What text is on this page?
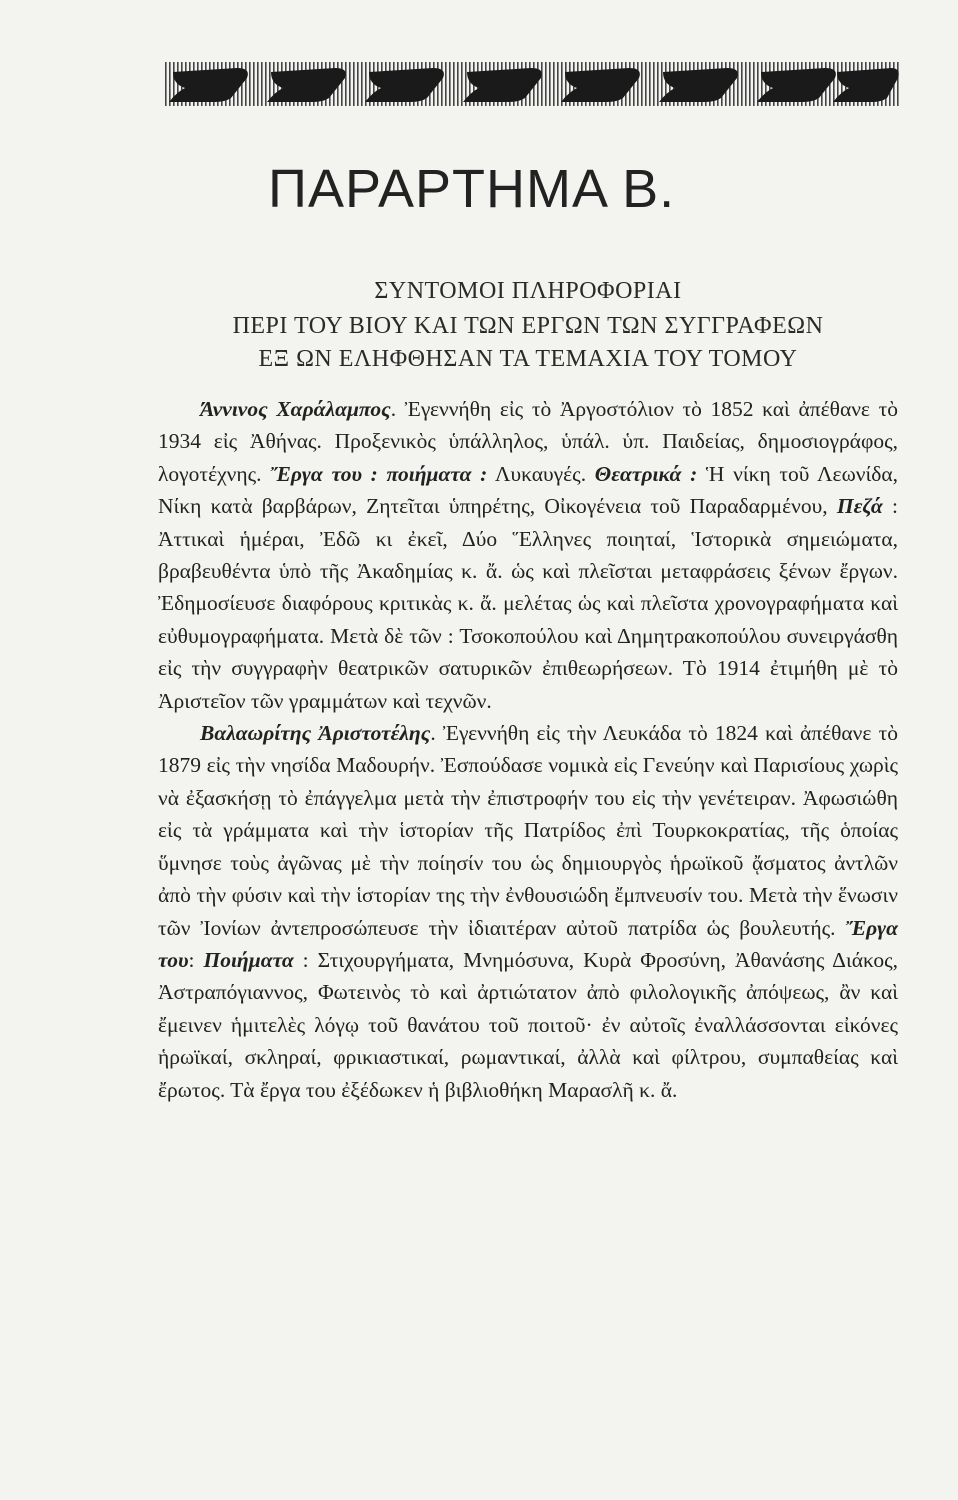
ΠΑΡΑΡΤΗΜΑ Β.
ΣΥΝΤΟΜΟΙ ΠΛΗΡΟΦΟΡΙΑΙ
ΠΕΡΙ ΤΟΥ ΒΙΟΥ ΚΑΙ ΤΩΝ ΕΡΓΩΝ ΤΩΝ ΣΥΓΓΡΑΦΕΩΝ
ΕΞ ΩΝ ΕΛΗΦΘΗΣΑΝ ΤΑ ΤΕΜΑΧΙΑ ΤΟΥ ΤΟΜΟΥ

Άννινος Χαράλαμπος. Ἐγεννήθη εἰς τὸ Ἀργοστόλιον τὸ 1852 καὶ ἀπέθανε τὸ 1934 εἰς Ἀθήνας. Προξενικὸς ὑπάλληλος, ὑπάλ. ὑπ. Παιδείας, δημοσιογράφος, λογοτέχνης. Ἔργα του : ποιήματα : Λυκαυγές. Θεατρικά : Ἡ νίκη τοῦ Λεωνίδα, Νίκη κατὰ βαρβάρων, Ζητεῖται ὑπηρέτης, Οἰκογένεια τοῦ Παραδαρμένου, Πεζά : Ἀττικαὶ ἡμέραι, Ἐδῶ κι ἐκεῖ, Δύο Ἕλληνες ποιηταί, Ἱστορικὰ σημειώματα, βραβευθέντα ὑπὸ τῆς Ἀκαδημίας κ. ἄ. ὡς καὶ πλεῖσται μεταφράσεις ξένων ἔργων. Ἐδημοσίευσε διαφόρους κριτικὰς κ. ἄ. μελέτας ὡς καὶ πλεῖστα χρονογραφήματα καὶ εὐθυμογραφήματα. Μετὰ δὲ τῶν : Τσοκοπούλου καὶ Δημητρακοπούλου συνειργάσθη εἰς τὴν συγγραφὴν θεατρικῶν σατυρικῶν ἐπιθεωρήσεων. Τὸ 1914 ἐτιμήθη μὲ τὸ Ἀριστεῖον τῶν γραμμάτων καὶ τεχνῶν.

Βαλαωρίτης Ἀριστοτέλης. Ἐγεννήθη εἰς τὴν Λευκάδα τὸ 1824 καὶ ἀπέθανε τὸ 1879 εἰς τὴν νησίδα Μαδουρήν. Ἐσπούδασε νομικὰ εἰς Γενεύην καὶ Παρισίους χωρὶς νὰ ἐξασκήσῃ τὸ ἐπάγγελμα μετὰ τὴν ἐπιστροφήν του εἰς τὴν γενέτειραν. Ἀφωσιώθη εἰς τὰ γράμματα καὶ τὴν ἱστορίαν τῆς Πατρίδος ἐπὶ Τουρκοκρατίας, τῆς ὁποίας ὕμνησε τοὺς ἀγῶνας μὲ τὴν ποίησίν του ὡς δημιουργὸς ἡρωϊκοῦ ᾄσματος ἀντλῶν ἀπὸ τὴν φύσιν καὶ τὴν ἱστορίαν της τὴν ἐνθουσιώδη ἔμπνευσίν του. Μετὰ τὴν ἕνωσιν τῶν Ἰονίων ἀντεπροσώπευσε τὴν ἰδιαιτέραν αὐτοῦ πατρίδα ὡς βουλευτής. Ἔργα του: Ποιήματα : Στιχουργήματα, Μνημόσυνα, Κυρὰ Φροσύνη, Ἀθανάσης Διάκος, Ἀστραπόγιαννος, Φωτεινὸς τὸ καὶ ἀρτιώτατον ἀπὸ φιλολογικῆς ἀπόψεως, ἂν καὶ ἔμεινεν ἡμιτελὲς λόγῳ τοῦ θανάτου τοῦ ποιτοῦ· ἐν αὐτοῖς ἐναλλάσσονται εἰκόνες ἡρωϊκαί, σκληραί, φρικιαστικαί, ρωμαντικαί, ἀλλὰ καὶ φίλτρου, συμπαθείας καὶ ἔρωτος. Τὰ ἔργα του ἐξέδωκεν ἡ βιβλιοθήκη Μαρασλῆ κ. ἄ.
